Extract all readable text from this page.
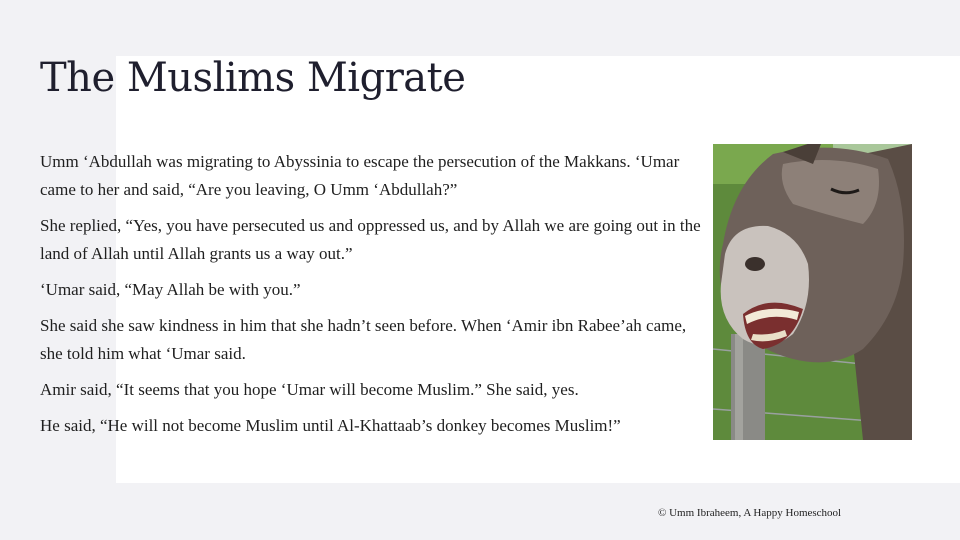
The Muslims Migrate

Umm ‘Abdullah was migrating to Abyssinia to escape the persecution of the Makkans. ‘Umar came to her and said, “Are you leaving, O Umm ‘Abdullah?”

She replied, “Yes, you have persecuted us and oppressed us, and by Allah we are going out in the land of Allah until Allah grants us a way out.”

‘Umar said, “May Allah be with you.”

She said she saw kindness in him that she hadn’t seen before. When ‘Amir ibn Rabee’ah came, she told him what ‘Umar said.

Amir said, “It seems that you hope ‘Umar will become Muslim.” She said, yes.

He said, “He will not become Muslim until Al-Khattaab’s donkey becomes Muslim!”

© Umm Ibraheem, A Happy Homeschool
